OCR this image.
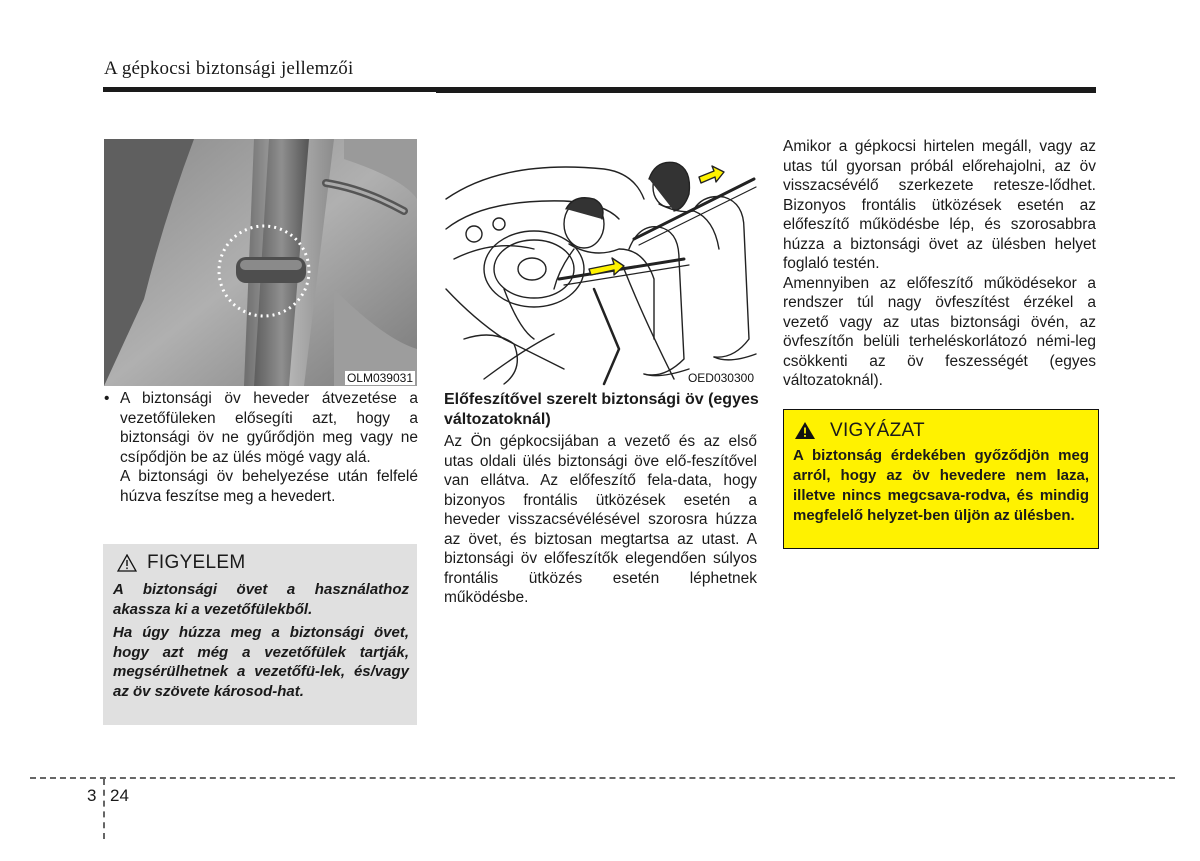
A gépkocsi biztonsági jellemzői
OLM039031	OED030300
• A biztonsági öv heveder átvezetése a vezetőfüleken elősegíti azt, hogy a biztonsági öv ne gyűrődjön meg vagy ne csípődjön be az ülés mögé vagy alá.
A biztonsági öv behelyezése után felfelé húzva feszítse meg a hevedert.
FIGYELEM

A biztonsági övet a használathoz akassza ki a vezetőfülekből.

Ha úgy húzza meg a biztonsági övet, hogy azt még a vezetőfülek tartják, megsérülhetnek a vezetőfü-lek, és/vagy az öv szövete károsod-hat.

Előfeszítővel szerelt biztonsági öv (egyes változatoknál)

Az Ön gépkocsijában a vezető és az első utas oldali ülés biztonsági öve elő-feszítővel van ellátva. Az előfeszítő fela-data, hogy bizonyos frontális ütközések esetén a heveder visszacsévélésével szorosra húzza az övet, és biztosan megtartsa az utast. A biztonsági öv előfeszítők elegendően súlyos frontális ütközés esetén léphetnek működésbe.

Amikor a gépkocsi hirtelen megáll, vagy az utas túl gyorsan próbál előrehajolni, az öv visszacsévélő szerkezete retesze-lődhet. Bizonyos frontális ütközések esetén az előfeszítő működésbe lép, és szorosabbra húzza a biztonsági övet az ülésben helyet foglaló testén.

Amennyiben az előfeszítő működésekor a rendszer túl nagy övfeszítést érzékel a vezető vagy az utas biztonsági övén, az övfeszítőn belüli terheléskorlátozó némi-leg csökkenti az öv feszességét (egyes változatoknál).

VIGYÁZAT
A biztonság érdekében győződjön meg arról, hogy az öv hevedere nem laza, illetve nincs megcsava-rodva, és mindig megfelelő helyzet-ben üljön az ülésben.
3 24
